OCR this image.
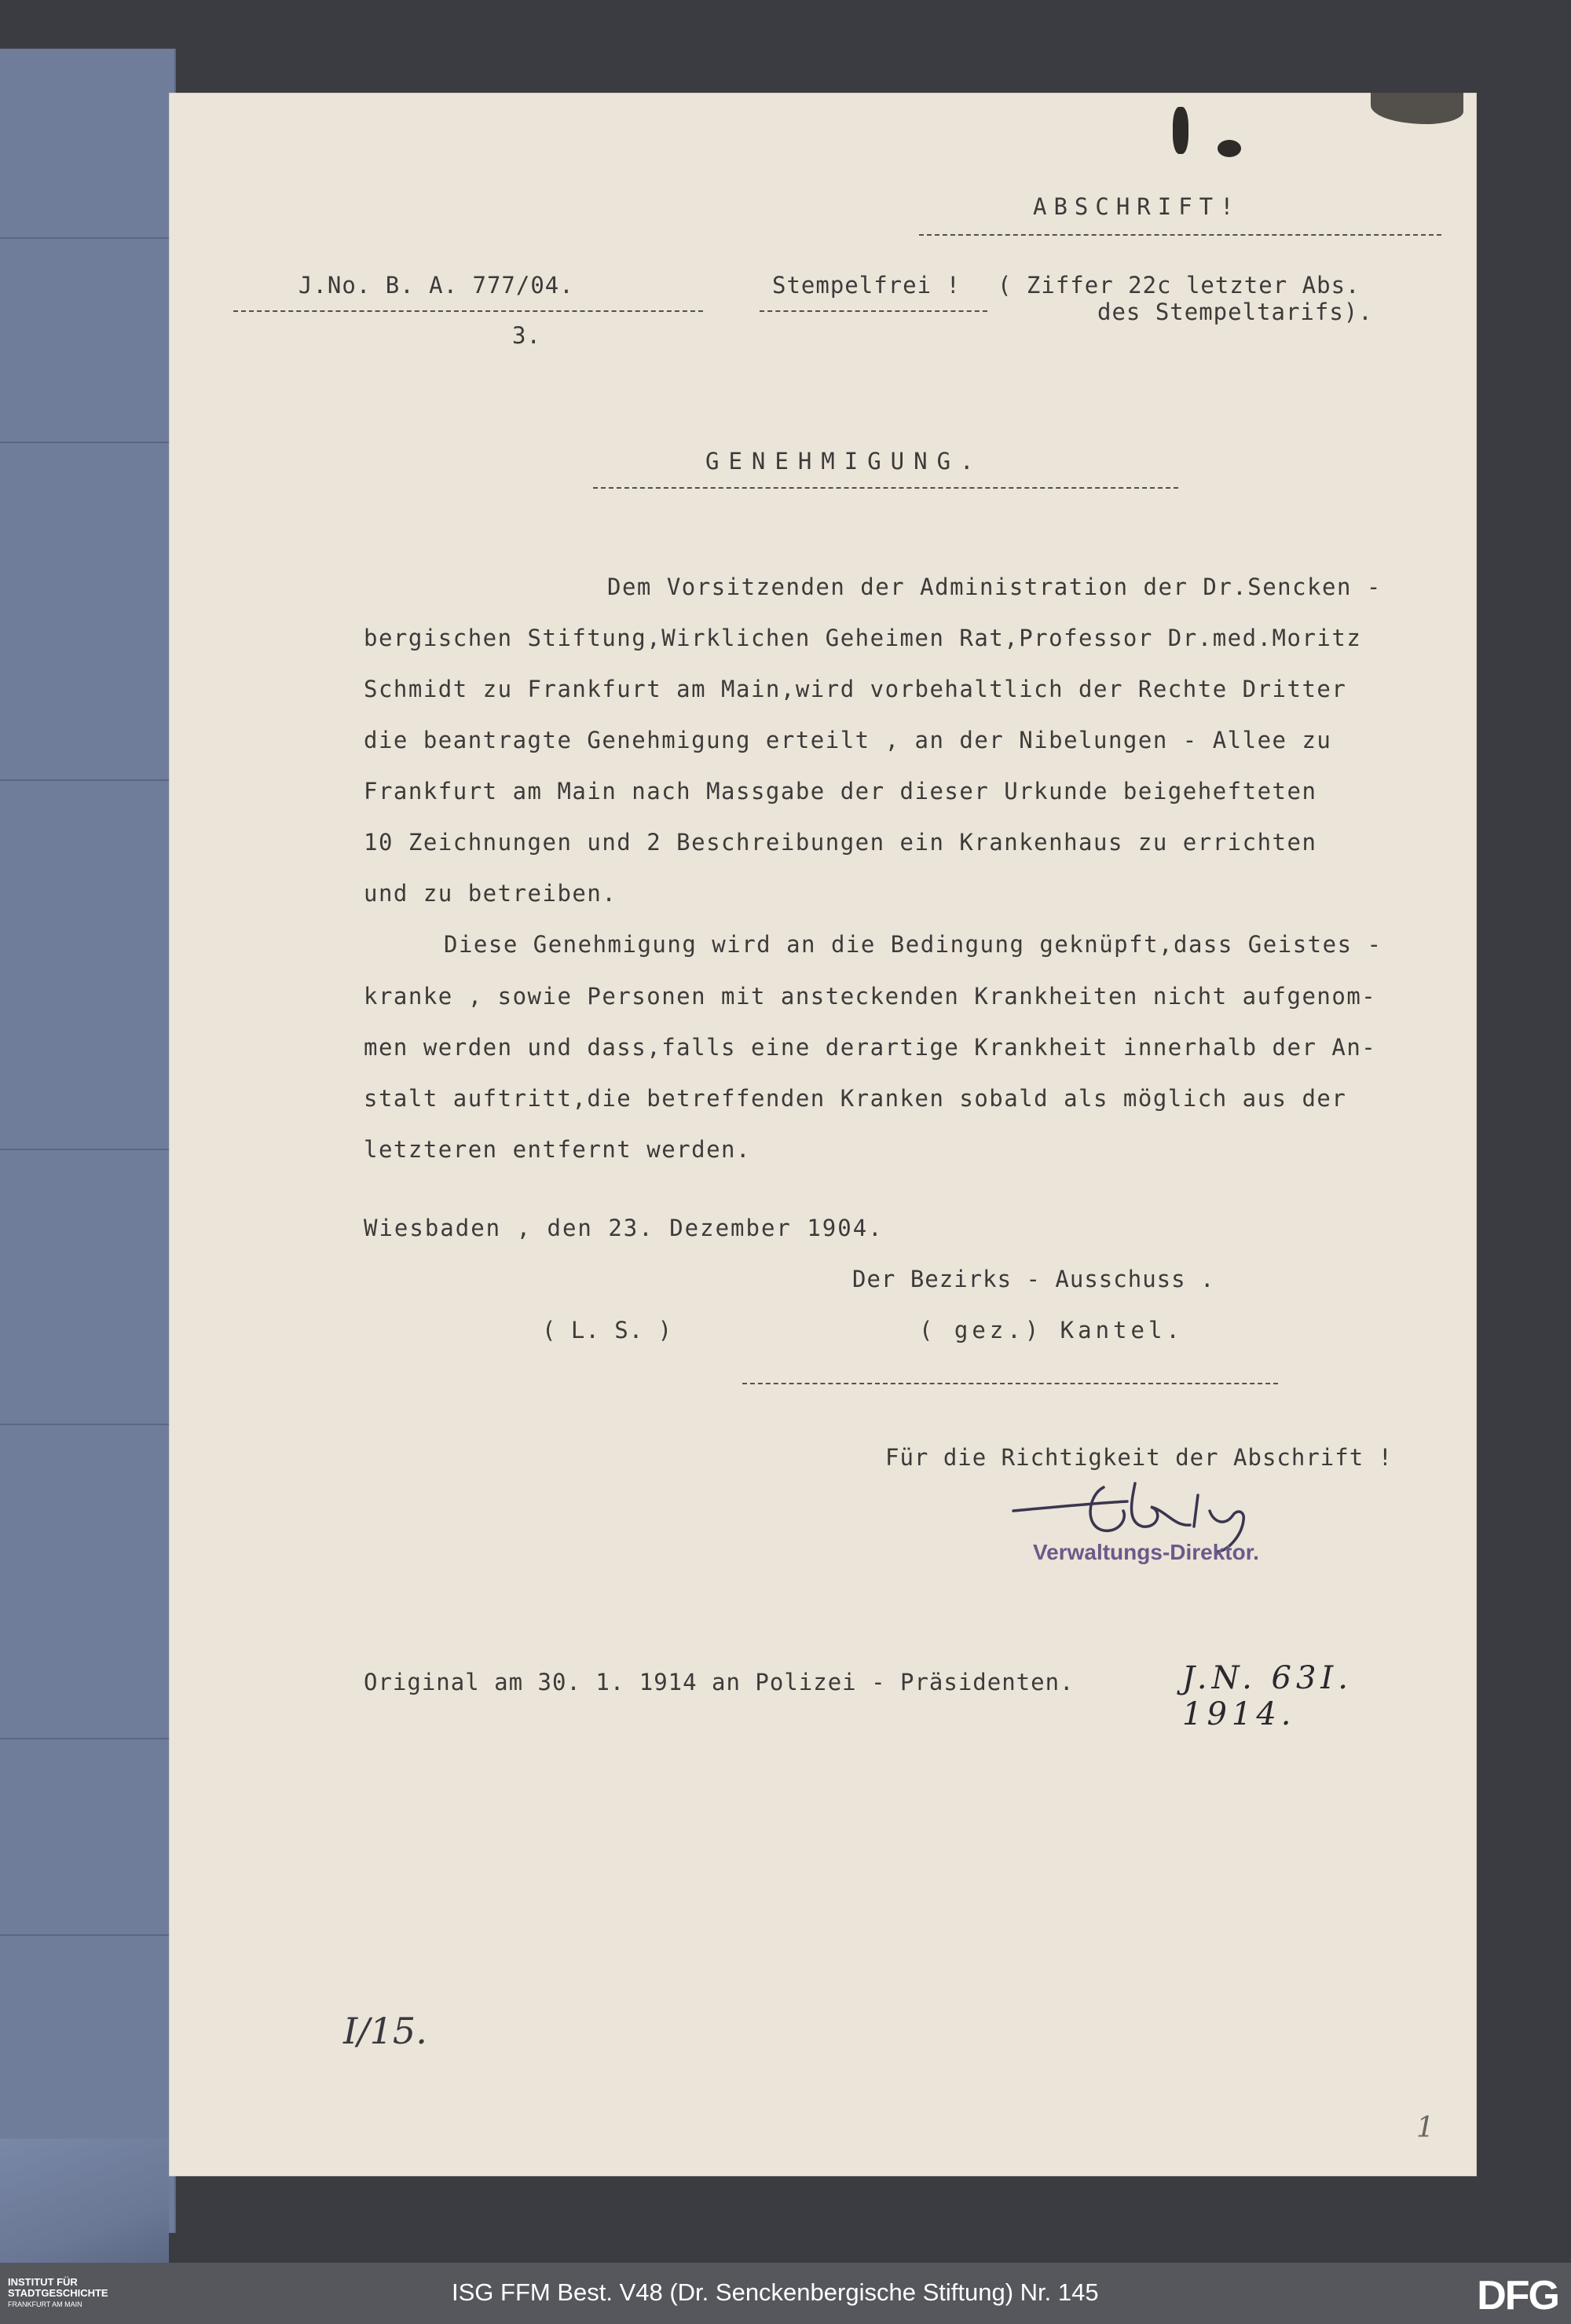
ABSCHRIFT!
J.No. B. A. 777/04.
3.
Stempelfrei ! ( Ziffer 22c letzter Abs.
des Stempeltarifs).
GENEHMIGUNG.
Dem Vorsitzenden der Administration der Dr.Sencken -
bergischen Stiftung,Wirklichen Geheimen Rat,Professor Dr.med.Moritz
Schmidt zu Frankfurt am Main,wird vorbehaltlich der Rechte Dritter
die beantragte Genehmigung erteilt , an der Nibelungen - Allee zu
Frankfurt am Main nach Massgabe der dieser Urkunde beigehefteten
10 Zeichnungen und 2 Beschreibungen ein Krankenhaus zu errichten
und zu betreiben.
Diese Genehmigung wird an die Bedingung geknüpft,dass Geistes -
kranke , sowie Personen mit ansteckenden Krankheiten nicht aufgenom-
men werden und dass,falls eine derartige Krankheit innerhalb der An-
stalt auftritt,die betreffenden Kranken sobald als möglich aus der
letzteren entfernt werden.
Wiesbaden , den 23. Dezember 1904.
Der Bezirks - Ausschuss .
( L. S. )	( gez.) Kantel.
Für die Richtigkeit der Abschrift !
Verwaltungs-Direktor.
Original am 30. 1. 1914 an Polizei - Präsidenten.	J.N. 63I. 1914.
I/15.
1
INSTITUT FÜR
STADTGESCHICHTE
FRANKFURT AM MAIN	ISG FFM Best. V48 (Dr. Senckenbergische Stiftung) Nr. 145	DFG
